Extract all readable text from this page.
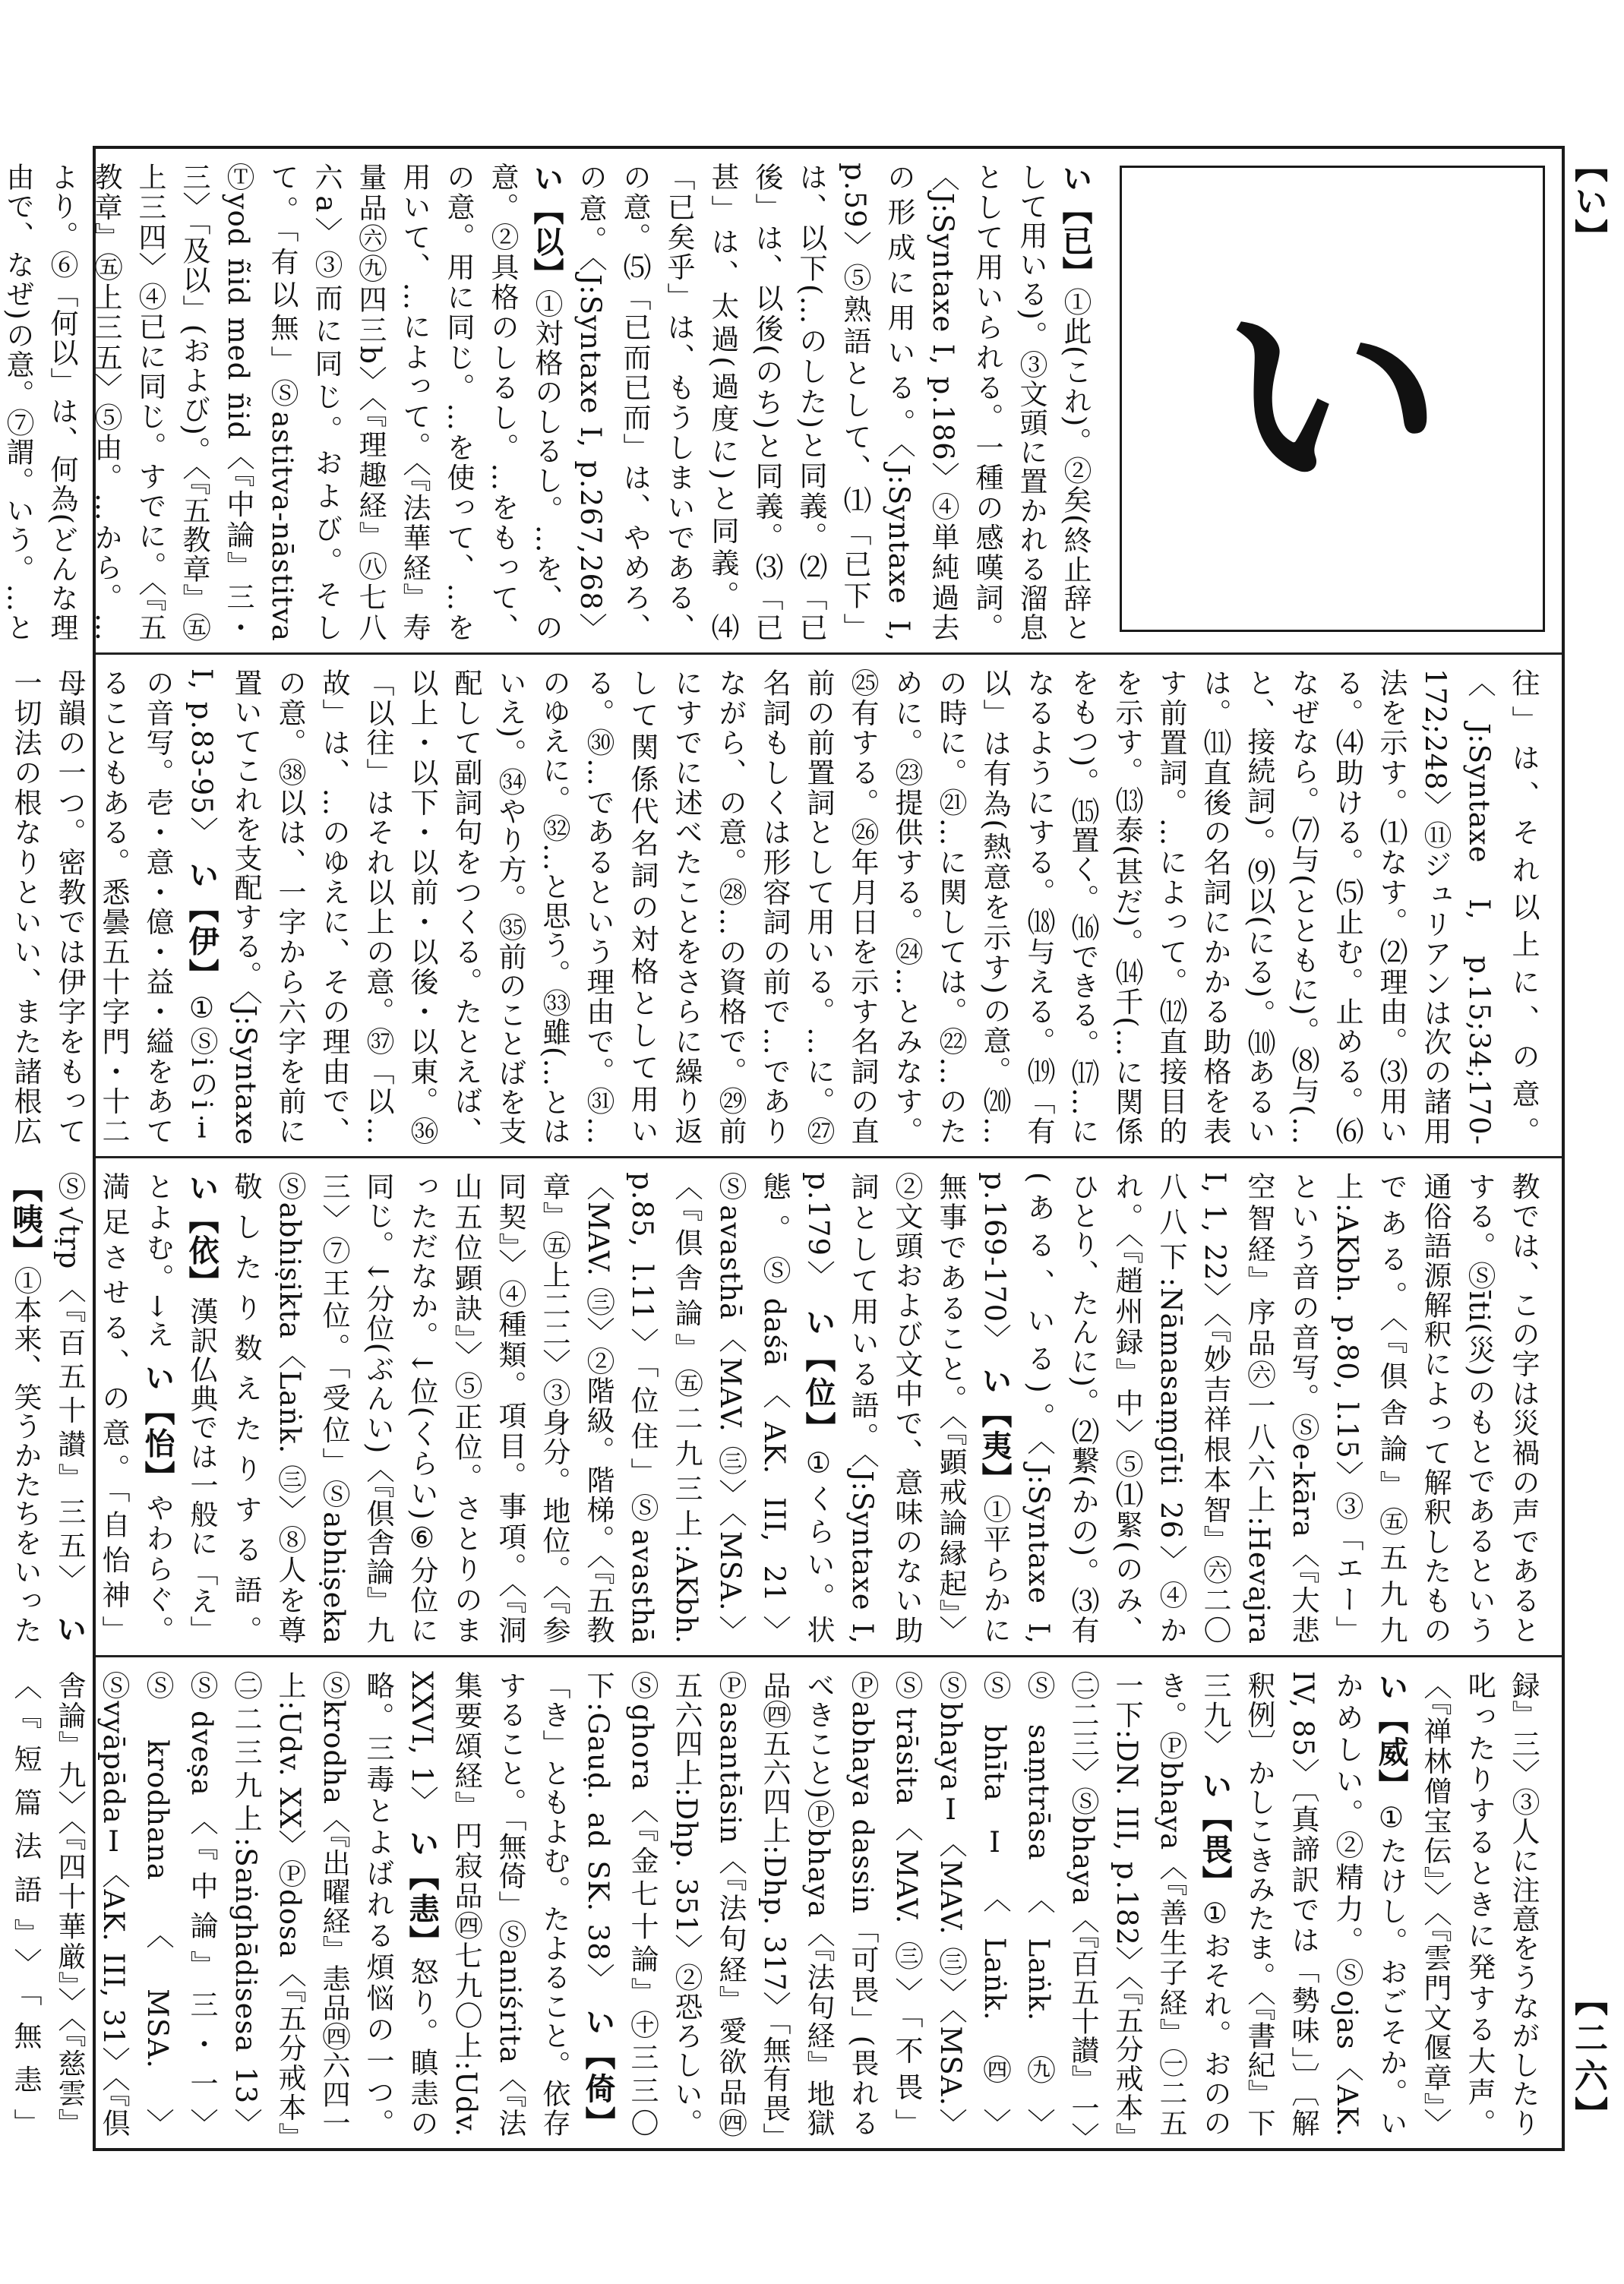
【い】
【二六】
い
い【已】①此(これ)。②矣(終止辞として用いる)。③文頭に置かれる溜息として用いられる。一種の感嘆詞。〈J:Syntaxe I, p.186〉④単純過去の形成に用いる。〈J:Syntaxe I, p.59〉⑤熟語として、⑴「已下」は、以下(…のした)と同義。⑵「已後」は、以後(のち)と同義。⑶「已甚」は、太過(過度に)と同義。⑷「已矣乎」は、もうしまいである、の意。⑸「已而已而」は、やめろ、の意。〈J:Syntaxe I, p.267,268〉 い【以】①対格のしるし。…を、の意。②具格のしるし。…をもって、の意。用に同じ。…を使って、…を用いて、…によって。〈『法華経』寿量品㊅㊈四三b〉〈『理趣経』㊇七八六a〉③而に同じ。および。そして。「有以無」Ⓢastitva-nāstitva Ⓣyod ñid med ñid〈『中論』三・三〉「及以」(および)。〈『五教章』㊄上三四〉④已に同じ。すでに。〈『五教章』㊄上三五〉⑤由。…から。…より。⑥「何以」は、何為(どんな理由で、なぜ)の意。⑦謂。いう。…と
往」は、それ以上に、の意。〈J:Syntaxe I, p.15;34;170-172;248〉⑪ジュリアンは次の諸用法を示す。⑴なす。⑵理由。⑶用いる。⑷助ける。⑸止む。止める。⑹なぜなら。⑺与(とともに)。⑻与(…と、接続詞)。⑼以(にる)。⑽あるいは。⑾直後の名詞にかかる助格を表す前置詞。…によって。⑿直接目的を示す。⒀泰(甚だ)。⒁千(…に関係をもつ)。⒂置く。⒃できる。⒄…になるようにする。⒅与える。⒆「有以」は有為(熱意を示す)の意。⒇…の時に。㉑…に関しては。㉒…のために。㉓提供する。㉔…とみなす。㉕有する。㉖年月日を示す名詞の直前の前置詞として用いる。…に。㉗名詞もしくは形容詞の前で…でありながら、の意。㉘…の資格で。㉙前にすでに述べたことをさらに繰り返して関係代名詞の対格として用いる。㉚…であるという理由で。㉛…のゆえに。㉜…と思う。㉝雖(…とはいえ)。㉞やり方。㉟前のことばを支配して副詞句をつくる。たとえば、以上・以下・以前・以後・以東。㊱「以往」はそれ以上の意。㊲「以…故」は、…のゆえに、その理由で、の意。㊳以は、一字から六字を前に置いてこれを支配する。〈J:Syntaxe I, p.83-95〉 い【伊】①Ⓢiのiⅰの音写。壱・意・億・益・縊をあてることもある。悉曇五十字門・十二母韻の一つ。密教では伊字をもって一切法の根なりといい、また諸根広
教では、この字は災禍の声であるとする。Ⓢīti(災)のもとであるという通俗語源解釈によって解釈したものである。〈『倶舎論』㊄五九九上:AKbh. p.80, l.15〉③「エー」という音の音写。Ⓢe-kāra〈『大悲空智経』序品㊅一八六上:Hevajra I, 1, 22〉〈『妙吉祥根本智』㊅二〇八八下:Nāmasaṃgīti 26〉④かれ。〈『趙州録』中〉⑤⑴緊(のみ、ひとり、たんに)。⑵繋(かの)。⑶有(ある、いる)。〈J:Syntaxe I, p.169-170〉 い【夷】①平らかに無事であること。〈『顕戒論縁起』〉②文頭および文中で、意味のない助詞として用いる語。〈J:Syntaxe I, p.179〉 い【位】①くらい。状態。Ⓢdaśā〈AK. III, 21〉Ⓢavasthā〈MAV. ㊂〉〈MSA.〉〈『倶舎論』㊄二九三上:AKbh. p.85, l.11〉「位住」Ⓢavasthā〈MAV. ㊂〉②階級。階梯。〈『五教章』㊄上二二〉③身分。地位。〈『参同契』〉④種類。項目。事項。〈『洞山五位顕訣』〉⑤正位。さとりのまっただなか。↓位(くらい)⑥分位に同じ。↓分位(ぶんい)〈『倶舎論』九三〉⑦王位。「受位」Ⓢabhiṣeka Ⓢabhiṣikta〈Laṅk. ㊂〉⑧人を尊敬したり数えたりする語。 い【依】漢訳仏典では一般に「え」とよむ。→え い【怡】やわらぐ。満足させる、の意。「自怡神」Ⓢ√tṛp〈『百五十讃』三五〉 い【咦】①本来、笑うかたちをいった
録』三〉③人に注意をうながしたり叱ったりするときに発する大声。〈『禅林僧宝伝』〉〈『雲門文偃章』〉 い【威】①たけし。おごそか。いかめしい。②精力。Ⓢojas〈AK. IV, 85〉〔真諦訳では「勢味」〕〔解釈例〕かしこきみたま。〈『書紀』下三九〉 い【畏】①おそれ。おののき。Ⓟbhaya〈『善生子経』㊀二五一下:DN. III, p.182〉〈『五分戒本』㊁二三〉Ⓢbhaya〈『百五十讃』一〉Ⓢsaṃtrāsa〈Laṅk. ㊈〉ⓈbhītaⅠ〈Laṅk. ㊃〉ⓈbhayaⅠ〈MAV. ㊂〉〈MSA.〉Ⓢtrāsita〈MAV. ㊂〉「不畏」Ⓟabhaya dassin「可畏」(畏れるべきこと)Ⓟbhaya〈『法句経』地獄品㊃五六四上:Dhp. 317〉「無有畏」Ⓟasantāsin〈『法句経』愛欲品㊃五六四上:Dhp. 351〉②恐ろしい。Ⓢghora〈『金七十論』㊉三三〇下:Gauḍ. ad SK. 38〉 い【倚】「き」ともよむ。たよること。依存すること。「無倚」Ⓢaniśrita〈『法集要頌経』円寂品㊃七九〇上:Udv. XXVI, 1〉 い【恚】怒り。瞋恚の略。三毒とよばれる煩悩の一つ。Ⓢkrodha〈『出曜経』恚品㊃六四一上:Udv. XX〉Ⓟdosa〈『五分戒本』㊁二三九上:Saṅghādisesa 13〉Ⓢdveṣa〈『中論』三・一〉Ⓢkrodhana〈MSA.〉ⓈvyāpādaⅠ〈AK. III, 31〉〈『倶舎論』九〉〈『四十華厳』〉〈『慈雲』〈『短篇法語』〉「無恚」
